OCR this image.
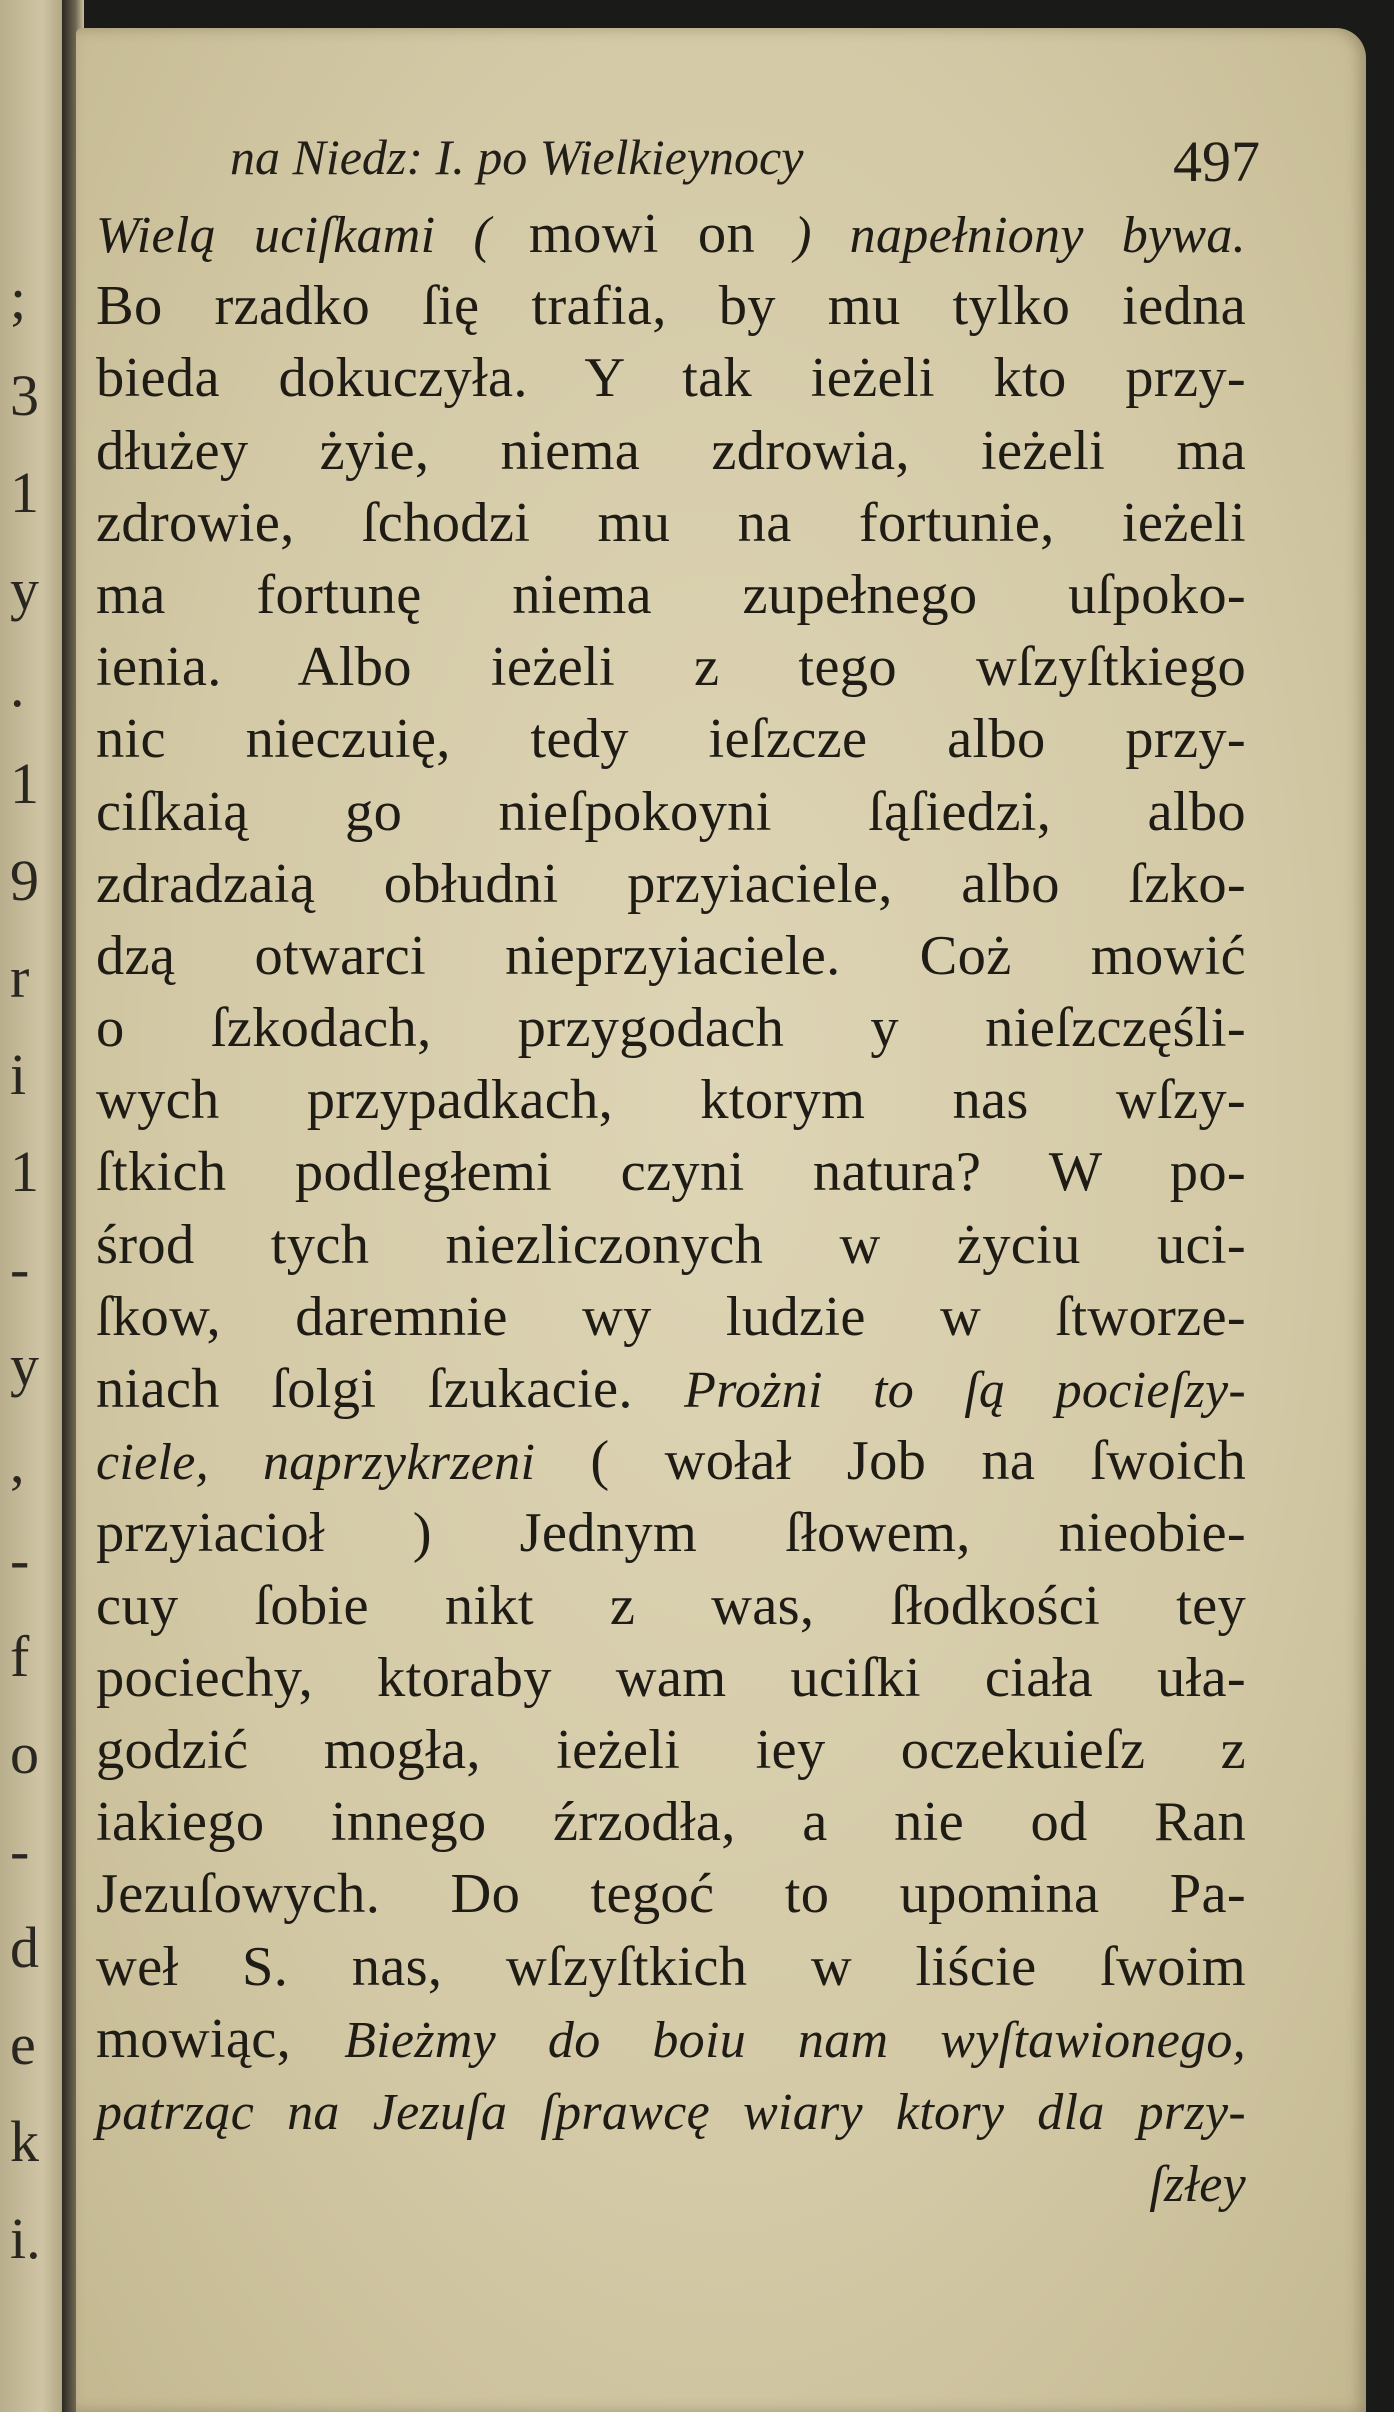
;
3
1
y
.
1
9
r
i
1
-
y
,
-
f
o
-
d
e
k
i.
na Niedz: I. po Wielkieynocy	497
Wielą uciſkami ( mowi on ) napełniony bywa.
Bo rzadko ſię trafia, by mu tylko iedna
bieda dokuczyła. Y tak ieżeli kto przy-
dłużey żyie, niema zdrowia, ieżeli ma
zdrowie, ſchodzi mu na fortunie, ieżeli
ma fortunę niema zupełnego uſpoko-
ienia. Albo ieżeli z tego wſzyſtkiego
nic nieczuię, tedy ieſzcze albo przy-
ciſkaią go nieſpokoyni ſąſiedzi, albo
zdradzaią obłudni przyiaciele, albo ſzko-
dzą otwarci nieprzyiaciele. Coż mowić
o ſzkodach, przygodach y nieſzczęśli-
wych przypadkach, ktorym nas wſzy-
ſtkich podległemi czyni natura? W po-
środ tych niezliczonych w życiu uci-
ſkow, daremnie wy ludzie w ſtworze-
niach ſolgi ſzukacie. Prożni to ſą pocieſzy-
ciele, naprzykrzeni ( wołał Job na ſwoich
przyiacioł ) Jednym ſłowem, nieobie-
cuy ſobie nikt z was, ſłodkości tey
pociechy, ktoraby wam uciſki ciała uła-
godzić mogła, ieżeli iey oczekuieſz z
iakiego innego źrzodła, a nie od Ran
Jezuſowych. Do tegoć to upomina Pa-
weł S. nas, wſzyſtkich w liście ſwoim
mowiąc, Bieżmy do boiu nam wyſtawionego,
patrząc na Jezuſa ſprawcę wiary ktory dla przy-
ſzłey
